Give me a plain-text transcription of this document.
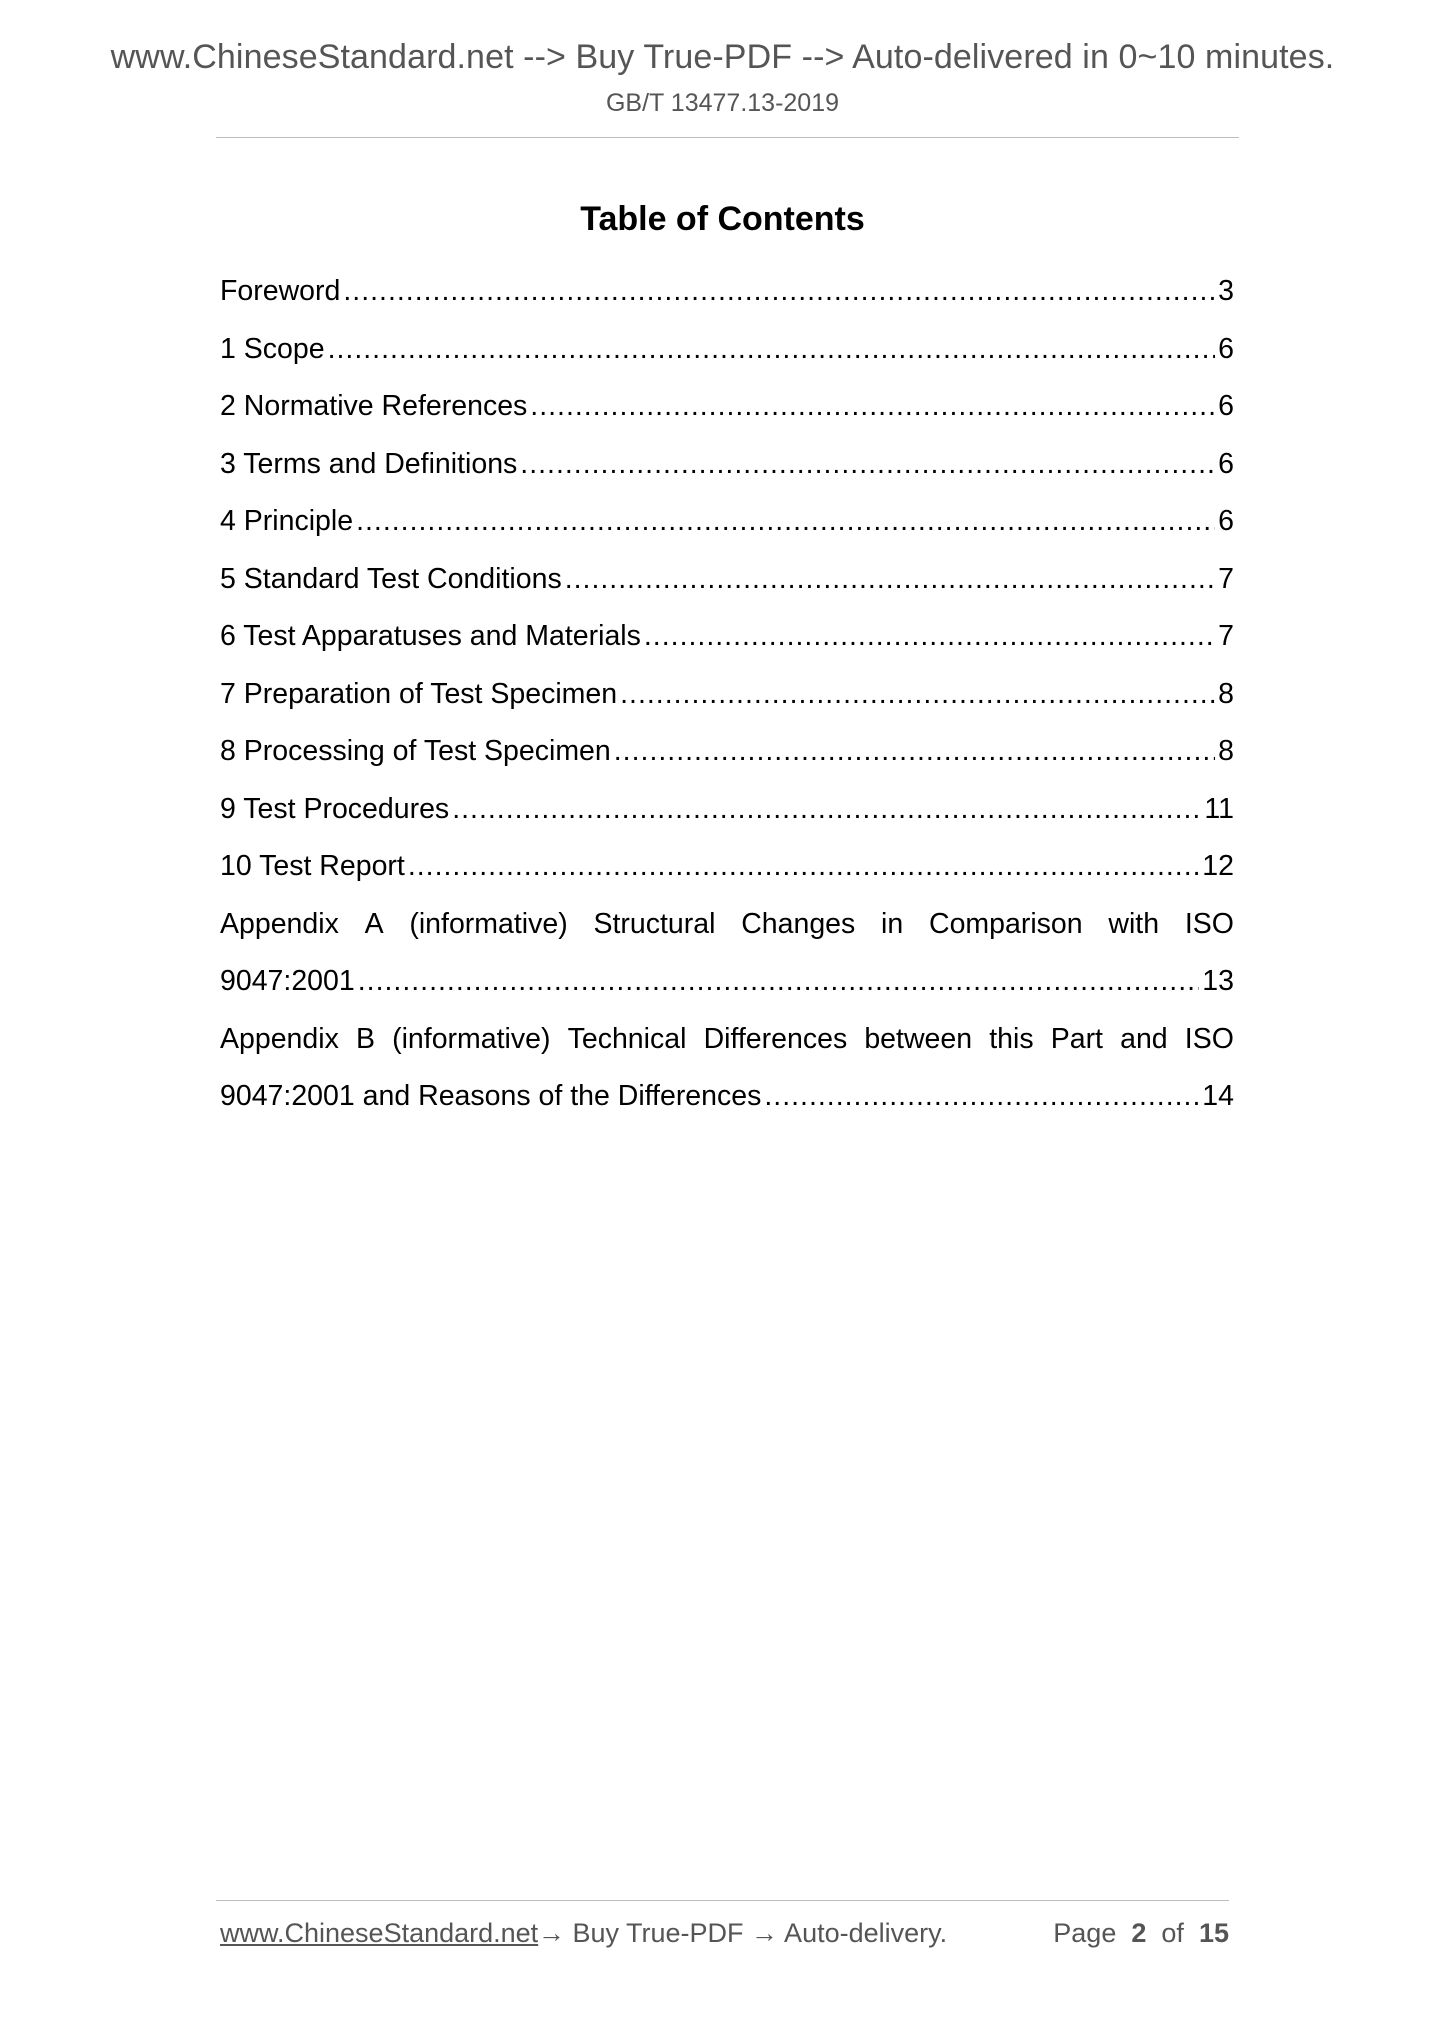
www.ChineseStandard.net --> Buy True-PDF --> Auto-delivered in 0~10 minutes.
GB/T 13477.13-2019
Table of Contents
Foreword .....	3
1 Scope .....	6
2 Normative References .....	6
3 Terms and Definitions .....	6
4 Principle .....	6
5 Standard Test Conditions .....	7
6 Test Apparatuses and Materials .....	7
7 Preparation of Test Specimen .....	8
8 Processing of Test Specimen .....	8
9 Test Procedures .....	11
10 Test Report .....	12
Appendix A (informative) Structural Changes in Comparison with ISO
9047:2001 .....	13
Appendix B (informative) Technical Differences between this Part and ISO
9047:2001 and Reasons of the Differences .....	14
www.ChineseStandard.net → Buy True-PDF → Auto-delivery.	Page 2 of 15
